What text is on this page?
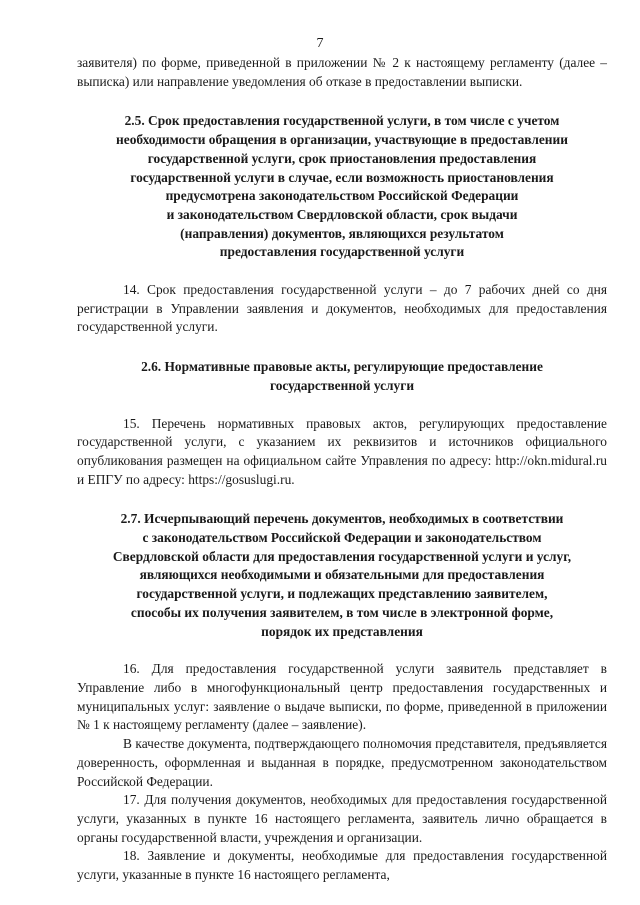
7

заявителя) по форме, приведенной в приложении № 2 к настоящему регламенту (далее – выписка) или направление уведомления об отказе в предоставлении выписки.

2.5. Срок предоставления государственной услуги, в том числе с учетом
необходимости обращения в организации, участвующие в предоставлении
государственной услуги, срок приостановления предоставления
государственной услуги в случае, если возможность приостановления
предусмотрена законодательством Российской Федерации
и законодательством Свердловской области, срок выдачи
(направления) документов, являющихся результатом
предоставления государственной услуги

14. Срок предоставления государственной услуги – до 7 рабочих дней со дня регистрации в Управлении заявления и документов, необходимых для предоставления государственной услуги.

2.6. Нормативные правовые акты, регулирующие предоставление
государственной услуги

15. Перечень нормативных правовых актов, регулирующих предоставление государственной услуги, с указанием их реквизитов и источников официального опубликования размещен на официальном сайте Управления по адресу: http://okn.midural.ru и ЕПГУ по адресу: https://gosuslugi.ru.

2.7. Исчерпывающий перечень документов, необходимых в соответствии
с законодательством Российской Федерации и законодательством
Свердловской области для предоставления государственной услуги и услуг,
являющихся необходимыми и обязательными для предоставления
государственной услуги, и подлежащих представлению заявителем,
способы их получения заявителем, в том числе в электронной форме,
порядок их представления

16. Для предоставления государственной услуги заявитель представляет в Управление либо в многофункциональный центр предоставления государственных и муниципальных услуг: заявление о выдаче выписки, по форме, приведенной в приложении № 1 к настоящему регламенту (далее – заявление).

В качестве документа, подтверждающего полномочия представителя, предъявляется доверенность, оформленная и выданная в порядке, предусмотренном законодательством Российской Федерации.

17. Для получения документов, необходимых для предоставления государственной услуги, указанных в пункте 16 настоящего регламента, заявитель лично обращается в органы государственной власти, учреждения и организации.

18. Заявление и документы, необходимые для предоставления государственной услуги, указанные в пункте 16 настоящего регламента,
